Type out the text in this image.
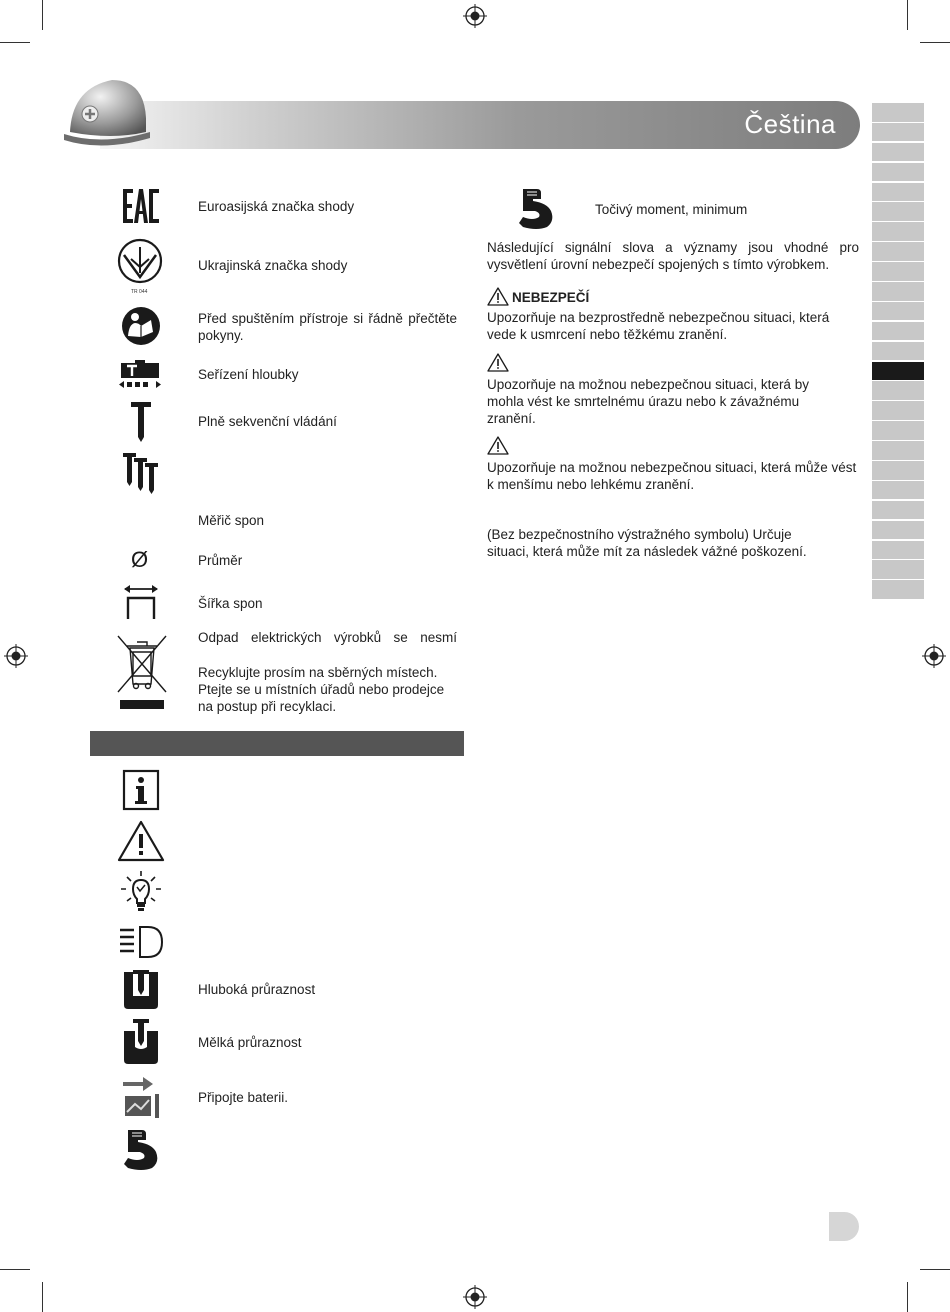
Čeština
TR 044
Ø
Euroasijská značka shody
Ukrajinská značka shody
Před spuštěním přístroje si řádně přečtěte pokyny.
Seřízení hloubky
Plně sekvenční vládání
Měřič spon
Průměr
Šířka spon
Odpad elektrických výrobků se nesmí
Recyklujte prosím na sběrných místech. Ptejte se u místních úřadů nebo prodejce na postup při recyklaci.
Hluboká průraznost
Mělká průraznost
Připojte baterii.
Točivý moment, minimum
Následující signální slova a významy jsou vhodné pro vysvětlení úrovní nebezpečí spojených s tímto výrobkem.
NEBEZPEČÍ
Upozorňuje na bezprostředně nebezpečnou situaci, která vede k usmrcení nebo těžkému zranění.
Upozorňuje na možnou nebezpečnou situaci, která by mohla vést ke smrtelnému úrazu nebo k závažnému zranění.
Upozorňuje na možnou nebezpečnou situaci, která může vést k menšímu nebo lehkému zranění.
(Bez bezpečnostního výstražného symbolu) Určuje situaci, která může mít za následek vážné poškození.
